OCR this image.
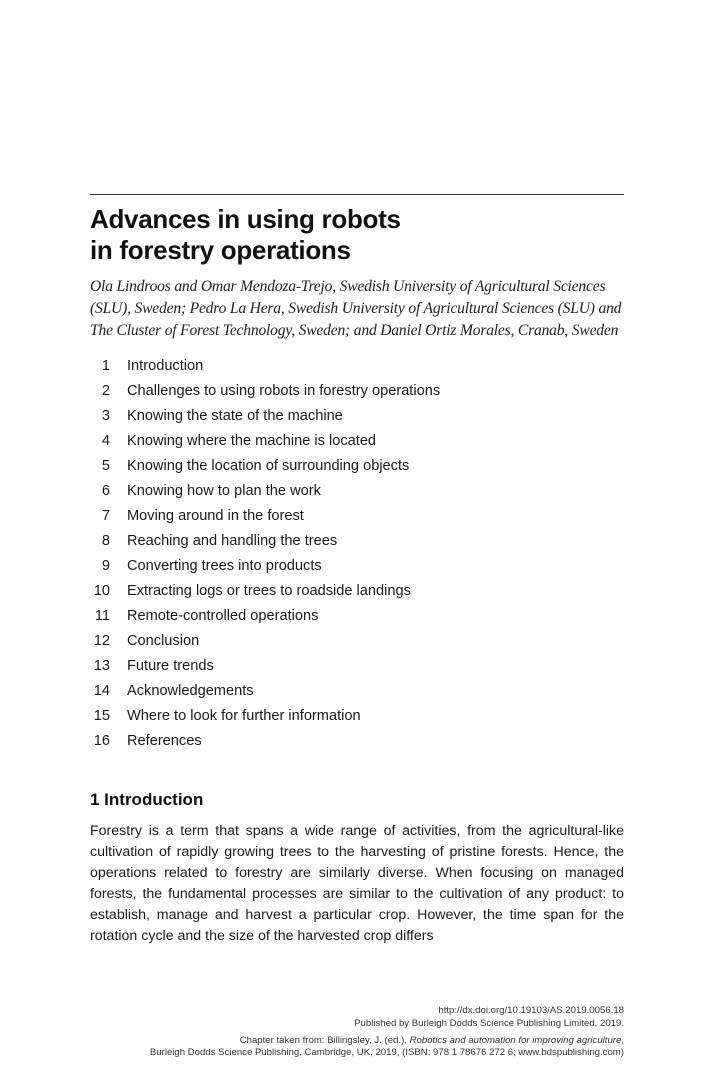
Advances in using robots
in forestry operations

Ola Lindroos and Omar Mendoza-Trejo, Swedish University of Agricultural Sciences (SLU), Sweden; Pedro La Hera, Swedish University of Agricultural Sciences (SLU) and The Cluster of Forest Technology, Sweden; and Daniel Ortiz Morales, Cranab, Sweden

1 Introduction
2 Challenges to using robots in forestry operations
3 Knowing the state of the machine
4 Knowing where the machine is located
5 Knowing the location of surrounding objects
6 Knowing how to plan the work
7 Moving around in the forest
8 Reaching and handling the trees
9 Converting trees into products
10 Extracting logs or trees to roadside landings
11 Remote-controlled operations
12 Conclusion
13 Future trends
14 Acknowledgements
15 Where to look for further information
16 References
1 Introduction

Forestry is a term that spans a wide range of activities, from the agricultural-like cultivation of rapidly growing trees to the harvesting of pristine forests. Hence, the operations related to forestry are similarly diverse. When focusing on managed forests, the fundamental processes are similar to the cultivation of any product: to establish, manage and harvest a particular crop. However, the time span for the rotation cycle and the size of the harvested crop differs

http://dx.doi.org/10.19103/AS.2019.0056.18

Published by Burleigh Dodds Science Publishing Limited, 2019.

Chapter taken from: Billingsley, J. (ed.), Robotics and automation for improving agriculture,

Burleigh Dodds Science Publishing, Cambridge, UK, 2019, (ISBN: 978 1 78676 272 6; www.bdspublishing.com)
